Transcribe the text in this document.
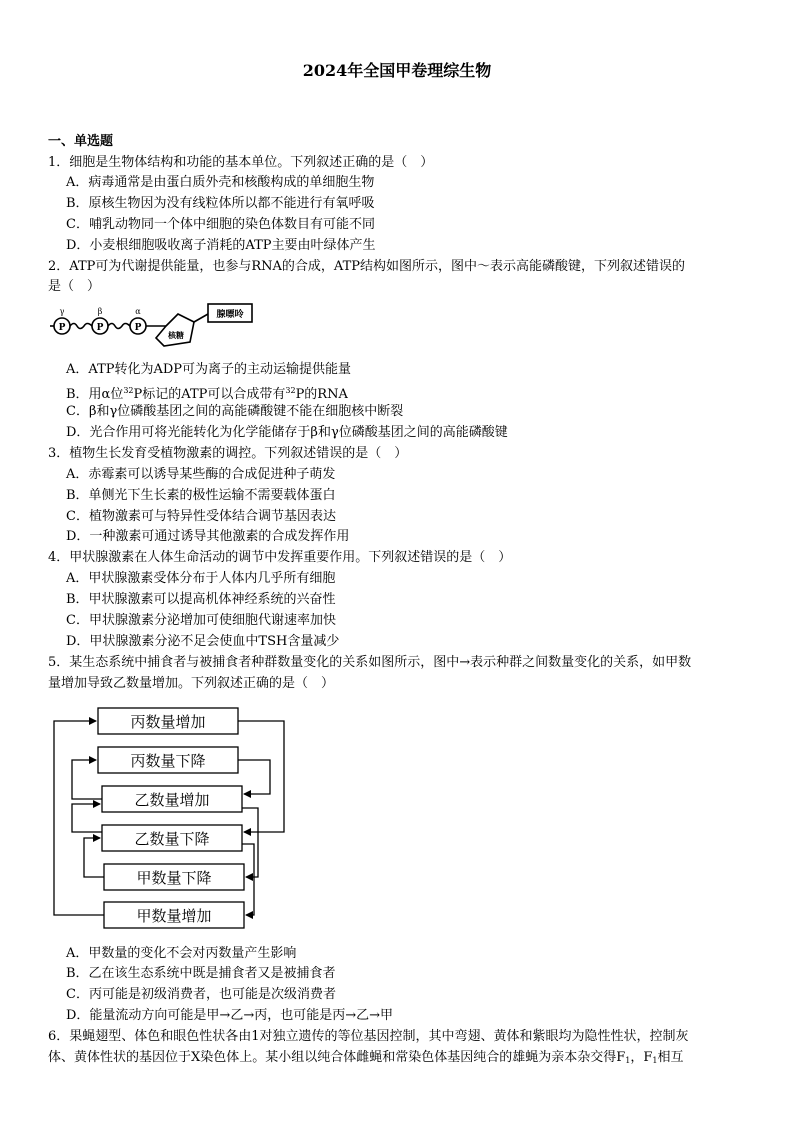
2024年全国甲卷理综生物
一、单选题
1．细胞是生物体结构和功能的基本单位。下列叙述正确的是（　）
A．病毒通常是由蛋白质外壳和核酸构成的单细胞生物
B．原核生物因为没有线粒体所以都不能进行有氧呼吸
C．哺乳动物同一个体中细胞的染色体数目有可能不同
D．小麦根细胞吸收离子消耗的ATP主要由叶绿体产生
2．ATP可为代谢提供能量，也参与RNA的合成，ATP结构如图所示，图中～表示高能磷酸键，下列叙述错误的
是（　）
P	P	P
γ	β	α
核糖
腺嘌呤
A．ATP转化为ADP可为离子的主动运输提供能量
B．用α位$^{32}$P标记的ATP可以合成带有$^{32}$P的RNA
C．β和γ位磷酸基团之间的高能磷酸键不能在细胞核中断裂
D．光合作用可将光能转化为化学能储存于β和γ位磷酸基团之间的高能磷酸键
3．植物生长发育受植物激素的调控。下列叙述错误的是（　）
A．赤霉素可以诱导某些酶的合成促进种子萌发
B．单侧光下生长素的极性运输不需要载体蛋白
C．植物激素可与特异性受体结合调节基因表达
D．一种激素可通过诱导其他激素的合成发挥作用
4．甲状腺激素在人体生命活动的调节中发挥重要作用。下列叙述错误的是（　）
A．甲状腺激素受体分布于人体内几乎所有细胞
B．甲状腺激素可以提高机体神经系统的兴奋性
C．甲状腺激素分泌增加可使细胞代谢速率加快
D．甲状腺激素分泌不足会使血中TSH含量减少
5．某生态系统中捕食者与被捕食者种群数量变化的关系如图所示，图中→表示种群之间数量变化的关系，如甲数
量增加导致乙数量增加。下列叙述正确的是（　）
丙数量增加
丙数量下降
乙数量增加
乙数量下降
甲数量下降
甲数量增加
A．甲数量的变化不会对丙数量产生影响
B．乙在该生态系统中既是捕食者又是被捕食者
C．丙可能是初级消费者，也可能是次级消费者
D．能量流动方向可能是甲→乙→丙，也可能是丙→乙→甲
6．果蝇翅型、体色和眼色性状各由1对独立遗传的等位基因控制，其中弯翅、黄体和紫眼均为隐性性状，控制灰
体、黄体性状的基因位于X染色体上。某小组以纯合体雌蝇和常染色体基因纯合的雄蝇为亲本杂交得$F_1$，$F_1$相互
